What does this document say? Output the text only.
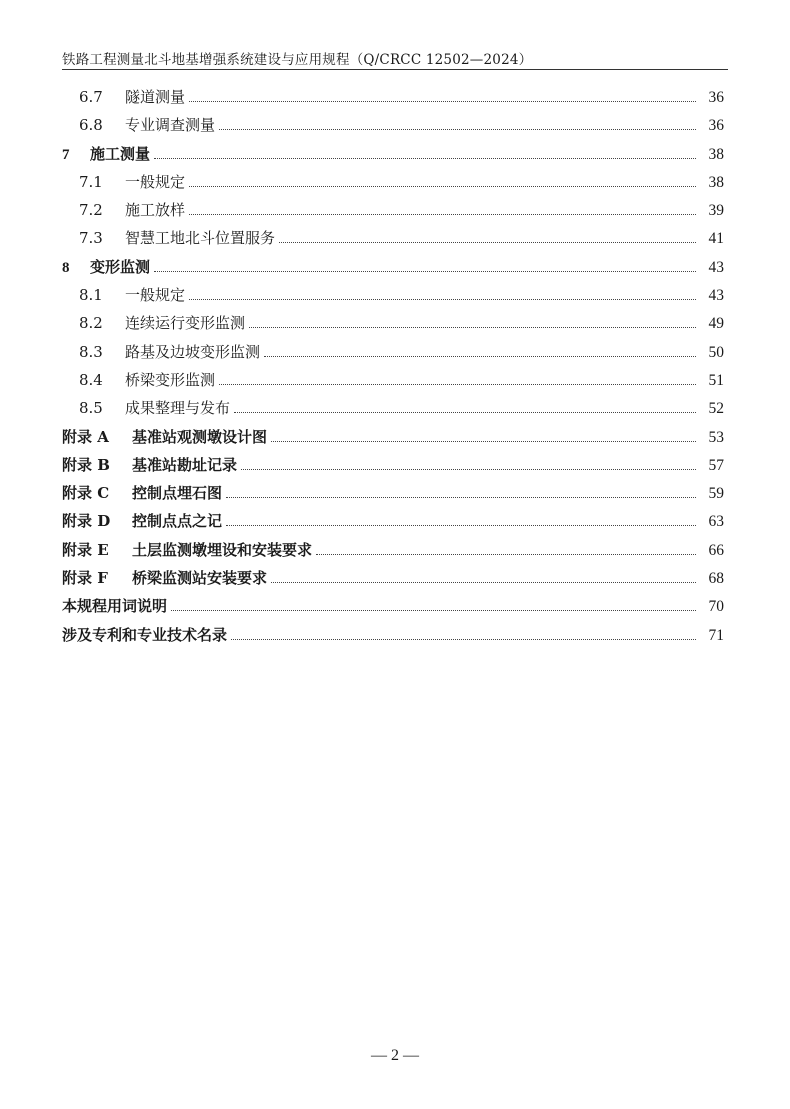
铁路工程测量北斗地基增强系统建设与应用规程（Q/CRCC 12502—2024）
6.7	隧道测量	36
6.8	专业调查测量	36
7	施工测量	38
7.1	一般规定	38
7.2	施工放样	39
7.3	智慧工地北斗位置服务	41
8	变形监测	43
8.1	一般规定	43
8.2	连续运行变形监测	49
8.3	路基及边坡变形监测	50
8.4	桥梁变形监测	51
8.5	成果整理与发布	52
附录 A	基准站观测墩设计图	53
附录 B	基准站勘址记录	57
附录 C	控制点埋石图	59
附录 D	控制点点之记	63
附录 E	土层监测墩埋设和安装要求	66
附录 F	桥梁监测站安装要求	68
本规程用词说明	70
涉及专利和专业技术名录	71
— 2 —
